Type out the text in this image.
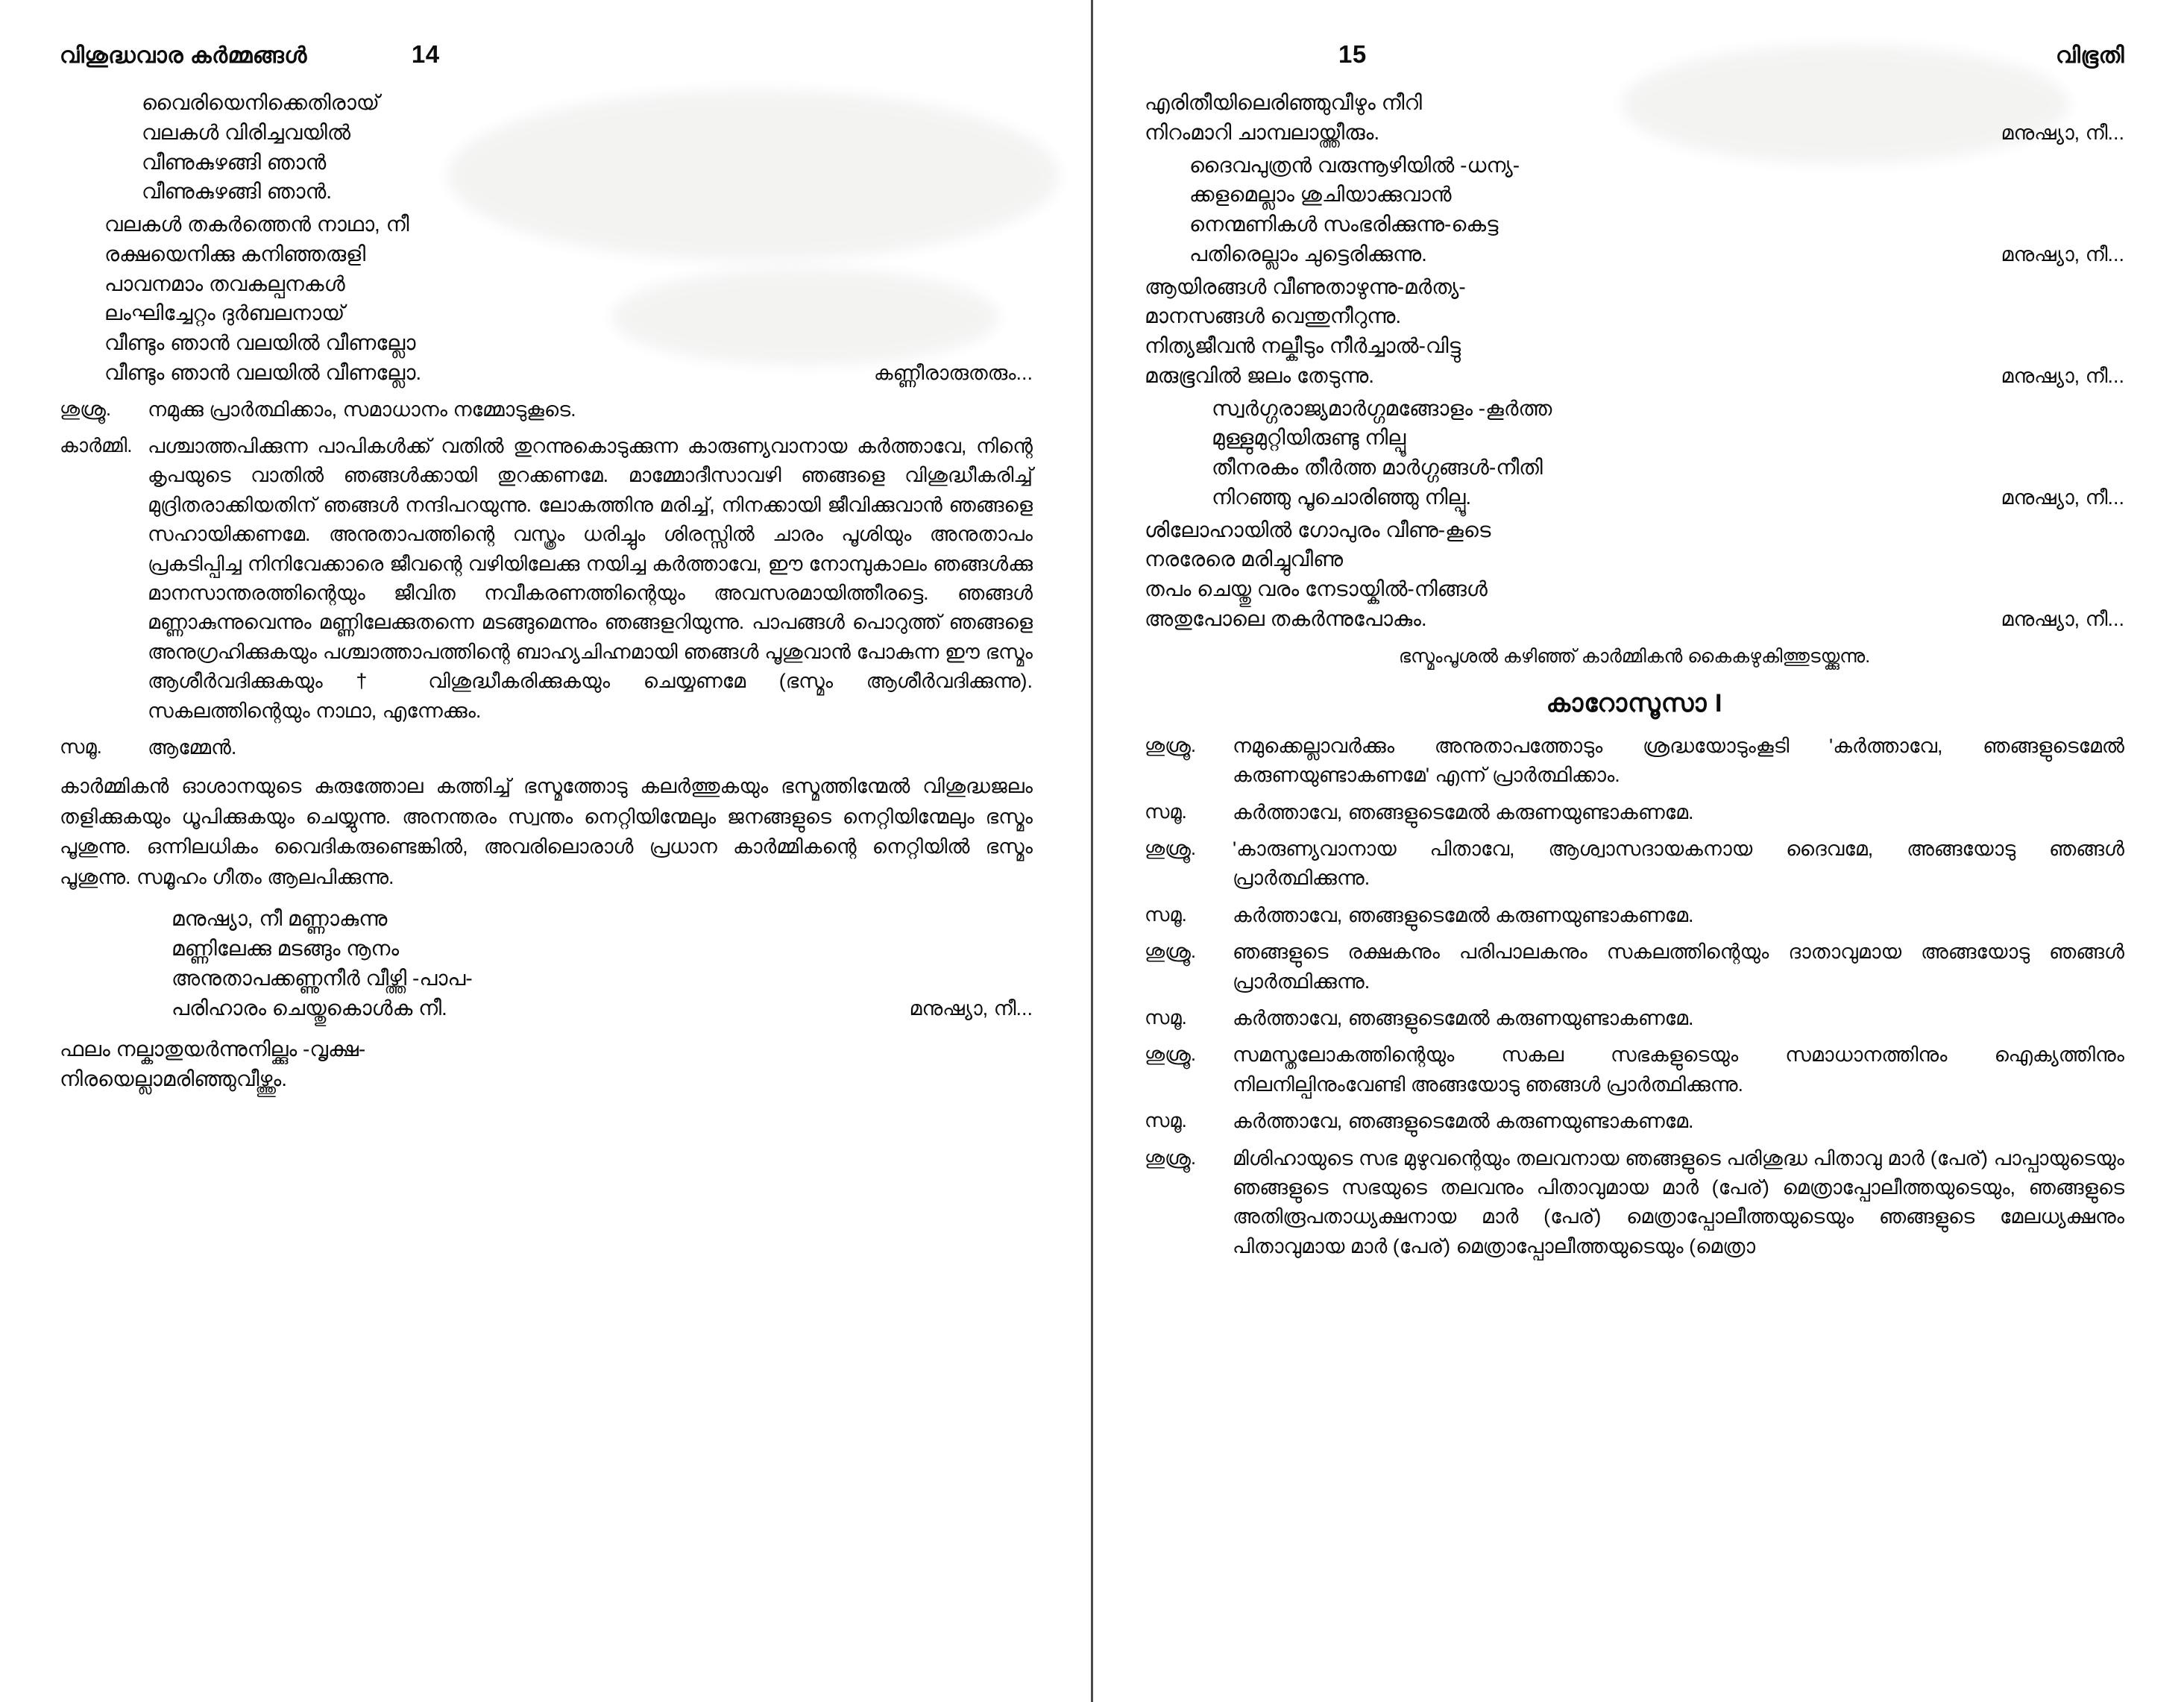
വിശുദ്ധവാര കർമ്മങ്ങൾ	14
വൈരിയെനിക്കെതിരായ്
വലകൾ വിരിച്ചവയിൽ
വീണുകുഴങ്ങി ഞാൻ
വീണുകുഴങ്ങി ഞാൻ.
വലകൾ തകർത്തെൻ നാഥാ, നീ
രക്ഷയെനിക്കു കനിഞ്ഞരുളി
പാവനമാം തവകല്പനകൾ
ലംഘിച്ചേറ്റം ദുർബലനായ്
വീണ്ടും ഞാൻ വലയിൽ വീണല്ലോ
വീണ്ടും ഞാൻ വലയിൽ വീണല്ലോ.	കണ്ണീരാരുതരും...
ശുശ്രൂ.	നമുക്കു പ്രാർത്ഥിക്കാം, സമാധാനം നമ്മോടുകൂടെ.
കാർമ്മി. പശ്ചാത്തപിക്കുന്ന പാപികൾക്ക് വതിൽ തുറന്നുകൊടുക്കുന്ന കാരുണ്യവാനായ കർത്താവേ, നിന്റെ കൃപയുടെ വാതിൽ ഞങ്ങൾക്കായി തുറക്കണമേ. മാമ്മോദീസാവഴി ഞങ്ങളെ വിശുദ്ധീകരിച്ച് മുദ്രിതരാക്കിയതിന് ഞങ്ങൾ നന്ദിപറയുന്നു. ലോകത്തിനു മരിച്ച്, നിനക്കായി ജീവിക്കുവാൻ ഞങ്ങളെ സഹായിക്കണമേ. അനുതാപത്തിന്റെ വസ്ത്രം ധരിച്ചും ശിരസ്സിൽ ചാരം പൂശിയും അനുതാപം പ്രകടിപ്പിച്ച നിനിവേക്കാരെ ജീവന്റെ വഴിയിലേക്കു നയിച്ച കർത്താവേ, ഈ നോമ്പുകാലം ഞങ്ങൾക്കു മാനസാന്തരത്തിന്റെയും ജീവിത നവീകരണത്തിന്റെയും അവസരമായിത്തീരട്ടെ. ഞങ്ങൾ മണ്ണാകുന്നുവെന്നും മണ്ണിലേക്കുതന്നെ മടങ്ങുമെന്നും ഞങ്ങളറിയുന്നു. പാപങ്ങൾ പൊറുത്ത് ഞങ്ങളെ അനുഗ്രഹിക്കുകയും പശ്ചാത്താപത്തിന്റെ ബാഹ്യചിഹ്നമായി ഞങ്ങൾ പൂശുവാൻ പോകുന്ന ഈ ഭസ്മം ആശീർവദിക്കുകയും † വിശുദ്ധീകരിക്കുകയും ചെയ്യണമേ (ഭസ്മം ആശീർവദിക്കുന്നു). സകലത്തിന്റെയും നാഥാ, എന്നേക്കും.
സമൂ.	ആമ്മേൻ.
കാർമ്മികൻ ഓശാനയുടെ കുരുത്തോല കത്തിച്ച് ഭസ്മത്തോടു കലർത്തുകയും ഭസ്മത്തിന്മേൽ വിശുദ്ധജലം തളിക്കുകയും ധൂപിക്കുകയും ചെയ്യുന്നു. അനന്തരം സ്വന്തം നെറ്റിയിന്മേലും ജനങ്ങളുടെ നെറ്റിയിന്മേലും ഭസ്മം പൂശുന്നു. ഒന്നിലധികം വൈദികരുണ്ടെങ്കിൽ, അവരിലൊരാൾ പ്രധാന കാർമ്മികന്റെ നെറ്റിയിൽ ഭസ്മം പൂശുന്നു. സമൂഹം ഗീതം ആലപിക്കുന്നു.
മനുഷ്യാ, നീ മണ്ണാകുന്നു
മണ്ണിലേക്കു മടങ്ങും നൂനം
അനുതാപക്കണ്ണുനീർ വീഴ്ത്തി -പാപ-
പരിഹാരം ചെയ്തുകൊൾക നീ.	മനുഷ്യാ, നീ...
ഫലം നല്കാതുയർന്നുനില്ക്കും -വൃക്ഷ-
നിരയെല്ലാമരിഞ്ഞുവീഴ്ത്തും.
15	വിഭൂതി
എരിതീയിലെരിഞ്ഞുവീഴും നീറി
നിറംമാറി ചാമ്പലായ്ത്തീരും.	മനുഷ്യാ, നീ...
ദൈവപുത്രൻ വരുന്നൂഴിയിൽ -ധന്യ-
ക്കളമെല്ലാം ശുചിയാക്കുവാൻ
നെന്മണികൾ സംഭരിക്കുന്നു-കെട്ട
പതിരെല്ലാം ചുട്ടെരിക്കുന്നു.	മനുഷ്യാ, നീ...
ആയിരങ്ങൾ വീണുതാഴുന്നു-മർത്യ-
മാനസങ്ങൾ വെന്തുനീറുന്നു.
നിത്യജീവൻ നല്കീടും നീർച്ചാൽ-വിട്ടു
മരുഭൂവിൽ ജലം തേടുന്നു.	മനുഷ്യാ, നീ...
സ്വർഗ്ഗരാജ്യമാർഗ്ഗമങ്ങോളം -കൂർത്ത
മുള്ളുമുറ്റിയിരുണ്ടു നില്പൂ
തീനരകം തീർത്ത മാർഗ്ഗങ്ങൾ-നീതി
നിറഞ്ഞു പൂചൊരിഞ്ഞു നില്പൂ.	മനുഷ്യാ, നീ...
ശിലോഹായിൽ ഗോപുരം വീണു-കൂടെ
നരരേരെ മരിച്ചുവീണു
തപം ചെയ്തു വരം നേടായ്കിൽ-നിങ്ങൾ
അതുപോലെ തകർന്നുപോകും.	മനുഷ്യാ, നീ...
ഭസ്മംപൂശൽ കഴിഞ്ഞ് കാർമ്മികൻ കൈകഴുകിത്തുടയ്ക്കുന്നു.
കാറോസൂസാ I
ശുശ്രൂ.	നമുക്കെല്ലാവർക്കും അനുതാപത്തോടും ശ്രദ്ധയോടുംകൂടി 'കർത്താവേ, ഞങ്ങളുടെമേൽ കരുണയുണ്ടാകണമേ' എന്ന് പ്രാർത്ഥിക്കാം.
സമൂ.	കർത്താവേ, ഞങ്ങളുടെമേൽ കരുണയുണ്ടാകണമേ.
ശുശ്രൂ.	'കാരുണ്യവാനായ പിതാവേ, ആശ്വാസദായകനായ ദൈവമേ, അങ്ങയോടു ഞങ്ങൾ പ്രാർത്ഥിക്കുന്നു.
സമൂ.	കർത്താവേ, ഞങ്ങളുടെമേൽ കരുണയുണ്ടാകണമേ.
ശുശ്രൂ.	ഞങ്ങളുടെ രക്ഷകനും പരിപാലകനും സകലത്തിന്റെയും ദാതാവുമായ അങ്ങയോടു ഞങ്ങൾ പ്രാർത്ഥിക്കുന്നു.
സമൂ.	കർത്താവേ, ഞങ്ങളുടെമേൽ കരുണയുണ്ടാകണമേ.
ശുശ്രൂ.	സമസ്തലോകത്തിന്റെയും സകല സഭകളുടെയും സമാധാനത്തിനും ഐക്യത്തിനും നിലനില്പിനുംവേണ്ടി അങ്ങയോടു ഞങ്ങൾ പ്രാർത്ഥിക്കുന്നു.
സമൂ.	കർത്താവേ, ഞങ്ങളുടെമേൽ കരുണയുണ്ടാകണമേ.
ശുശ്രൂ.	മിശിഹായുടെ സഭ മുഴുവന്റെയും തലവനായ ഞങ്ങളുടെ പരിശുദ്ധ പിതാവു മാർ (പേര്) പാപ്പായുടെയും ഞങ്ങളുടെ സഭയുടെ തലവനും പിതാവുമായ മാർ (പേര്) മെത്രാപ്പോലീത്തയുടെയും, ഞങ്ങളുടെ അതിരൂപതാധ്യക്ഷനായ മാർ (പേര്) മെത്രാപ്പോലീത്തയുടെയും ഞങ്ങളുടെ മേലധ്യക്ഷനും പിതാവുമായ മാർ (പേര്) മെത്രാപ്പോലീത്തയുടെയും (മെത്രാ
